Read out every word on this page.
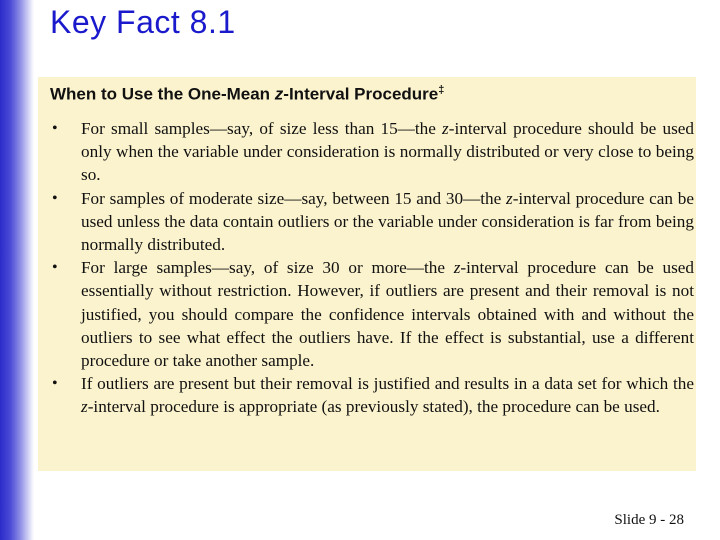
Key Fact 8.1
When to Use the One-Mean z-Interval Procedure‡
• For small samples—say, of size less than 15—the z-interval procedure should be used only when the variable under consideration is normally distributed or very close to being so.
• For samples of moderate size—say, between 15 and 30—the z-interval procedure can be used unless the data contain outliers or the variable under consideration is far from being normally distributed.
• For large samples—say, of size 30 or more—the z-interval procedure can be used essentially without restriction. However, if outliers are present and their removal is not justified, you should compare the confidence intervals obtained with and without the outliers to see what effect the outliers have. If the effect is substantial, use a different procedure or take another sample.
• If outliers are present but their removal is justified and results in a data set for which the z-interval procedure is appropriate (as previously stated), the procedure can be used.
Slide 9 - 28
